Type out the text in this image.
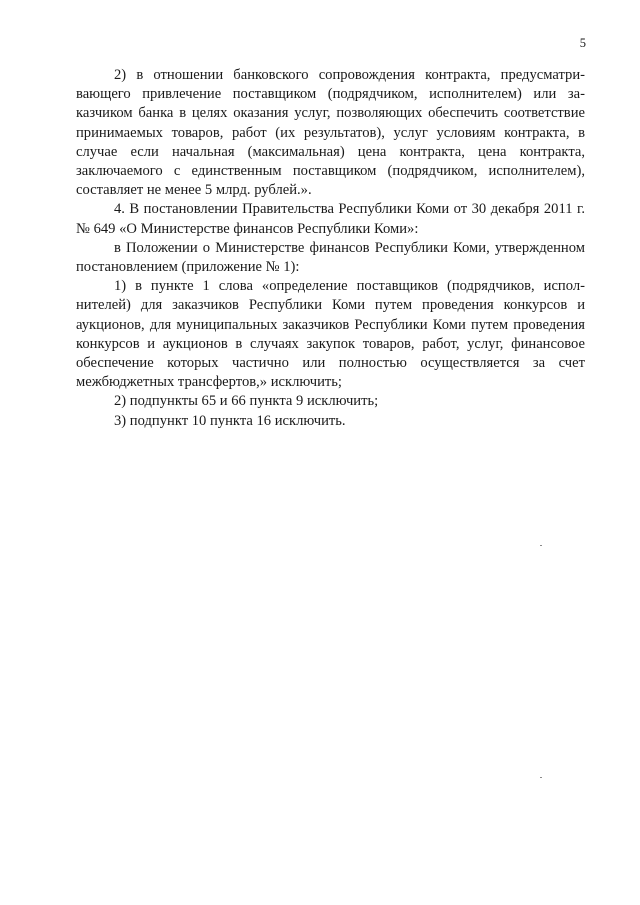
5

2) в отношении банковского сопровождения контракта, предусматривающего привлечение поставщиком (подрядчиком, исполнителем) или заказчиком банка в целях оказания услуг, позволяющих обеспечить соответствие принимаемых товаров, работ (их результатов), услуг условиям контракта, в случае если начальная (максимальная) цена контракта, цена контракта, заключаемого с единственным поставщиком (подрядчиком, исполнителем), составляет не менее 5 млрд. рублей.».

4. В постановлении Правительства Республики Коми от 30 декабря 2011 г. № 649 «О Министерстве финансов Республики Коми»:

в Положении о Министерстве финансов Республики Коми, утвержденном постановлением (приложение № 1):

1) в пункте 1 слова «определение поставщиков (подрядчиков, исполнителей) для заказчиков Республики Коми путем проведения конкурсов и аукционов, для муниципальных заказчиков Республики Коми путем проведения конкурсов и аукционов в случаях закупок товаров, работ, услуг, финансовое обеспечение которых частично или полностью осуществляется за счет межбюджетных трансфертов,» исключить;

2) подпункты 65 и 66 пункта 9 исключить;

3) подпункт 10 пункта 16 исключить.
